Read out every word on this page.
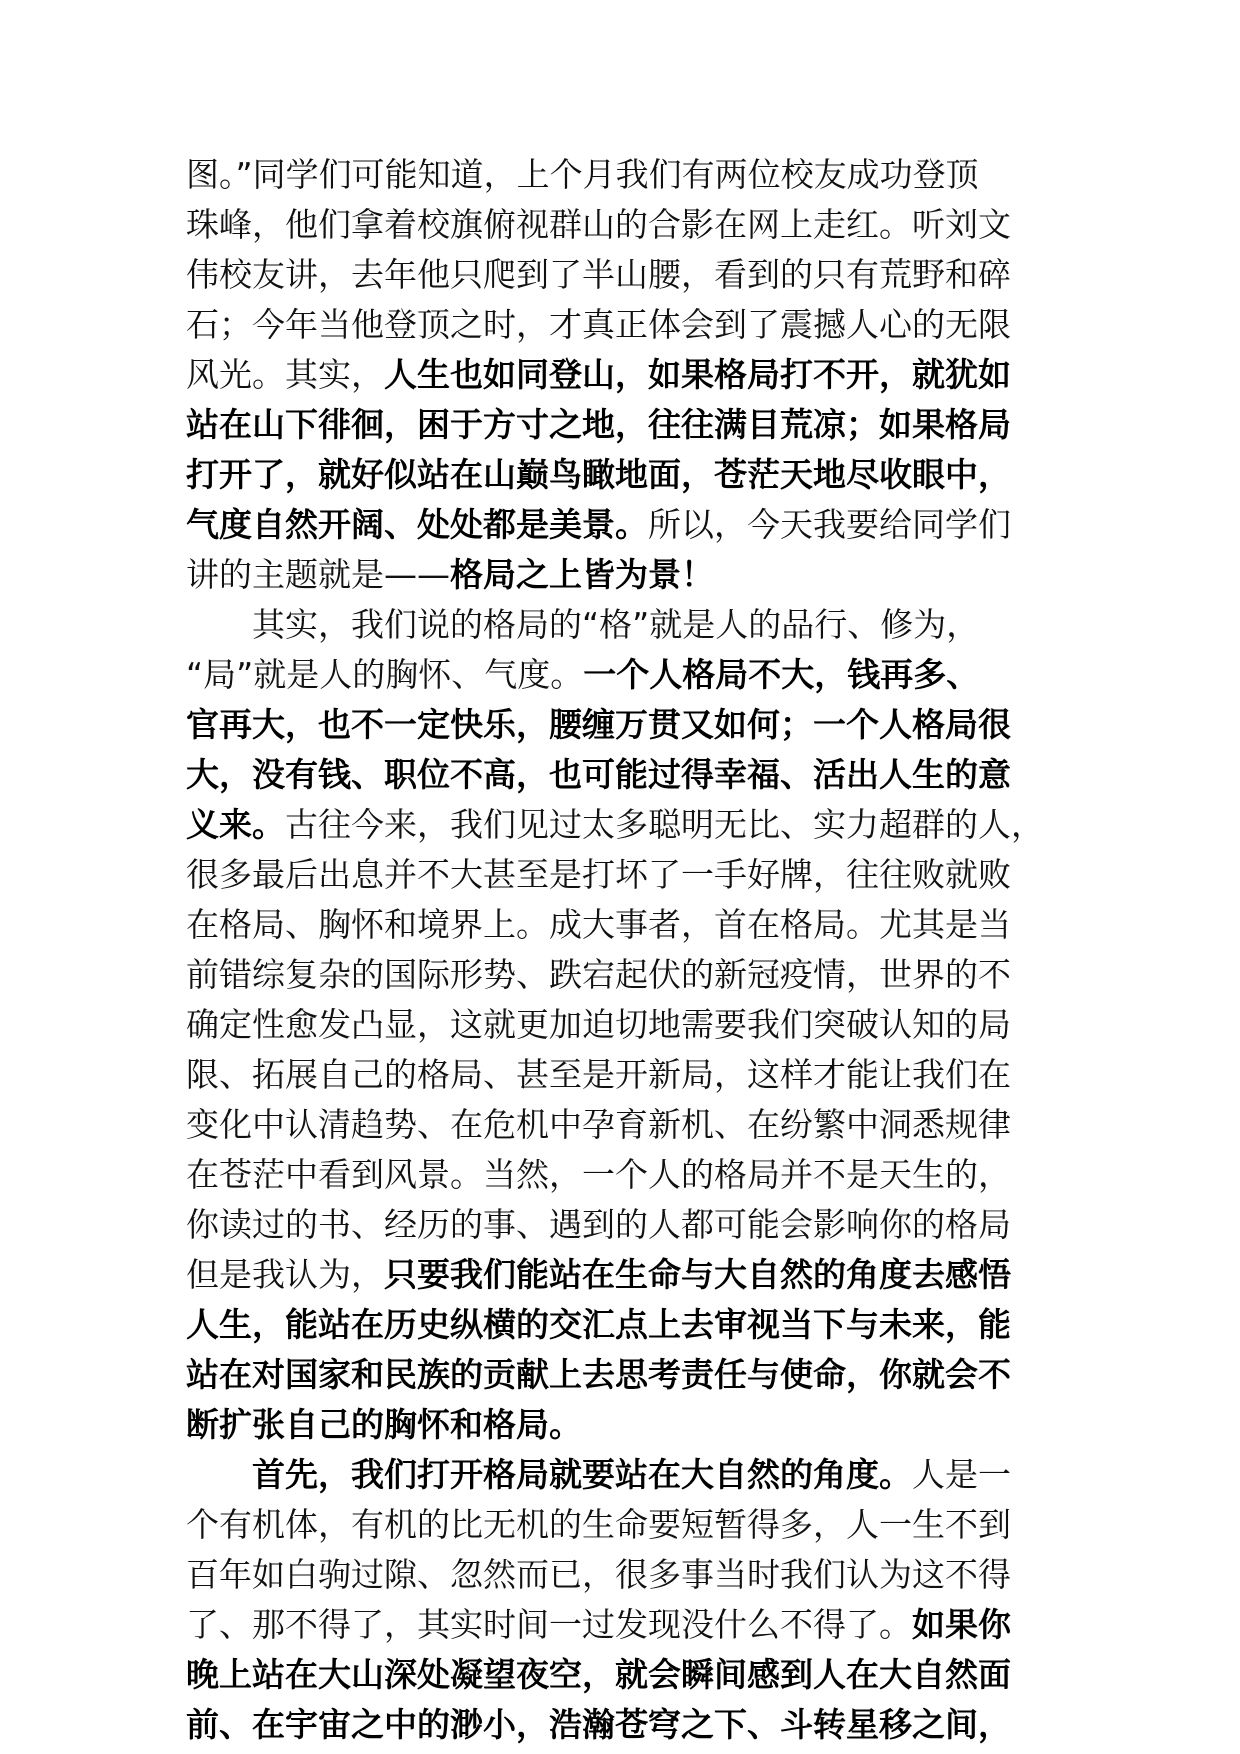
图。”同学们可能知道，上个月我们有两位校友成功登顶
珠峰，他们拿着校旗俯视群山的合影在网上走红。听刘文
伟校友讲，去年他只爬到了半山腰，看到的只有荒野和碎
石；今年当他登顶之时，才真正体会到了震撼人心的无限
风光。其实，人生也如同登山，如果格局打不开，就犹如
站在山下徘徊，困于方寸之地，往往满目荒凉；如果格局
打开了，就好似站在山巅鸟瞰地面，苍茫天地尽收眼中，
气度自然开阔、处处都是美景。所以，今天我要给同学们
讲的主题就是——格局之上皆为景！
其实，我们说的格局的“格”就是人的品行、修为，
“局”就是人的胸怀、气度。一个人格局不大，钱再多、
官再大，也不一定快乐，腰缠万贯又如何；一个人格局很
大，没有钱、职位不高，也可能过得幸福、活出人生的意
义来。古往今来，我们见过太多聪明无比、实力超群的人，
很多最后出息并不大甚至是打坏了一手好牌，往往败就败
在格局、胸怀和境界上。成大事者，首在格局。尤其是当
前错综复杂的国际形势、跌宕起伏的新冠疫情，世界的不
确定性愈发凸显，这就更加迫切地需要我们突破认知的局
限、拓展自己的格局、甚至是开新局，这样才能让我们在
变化中认清趋势、在危机中孕育新机、在纷繁中洞悉规律
在苍茫中看到风景。当然，一个人的格局并不是天生的，
你读过的书、经历的事、遇到的人都可能会影响你的格局
但是我认为，只要我们能站在生命与大自然的角度去感悟
人生，能站在历史纵横的交汇点上去审视当下与未来，能
站在对国家和民族的贡献上去思考责任与使命，你就会不
断扩张自己的胸怀和格局。
首先，我们打开格局就要站在大自然的角度。人是一
个有机体，有机的比无机的生命要短暂得多，人一生不到
百年如白驹过隙、忽然而已，很多事当时我们认为这不得
了、那不得了，其实时间一过发现没什么不得了。如果你
晚上站在大山深处凝望夜空，就会瞬间感到人在大自然面
前、在宇宙之中的渺小，浩瀚苍穹之下、斗转星移之间，
